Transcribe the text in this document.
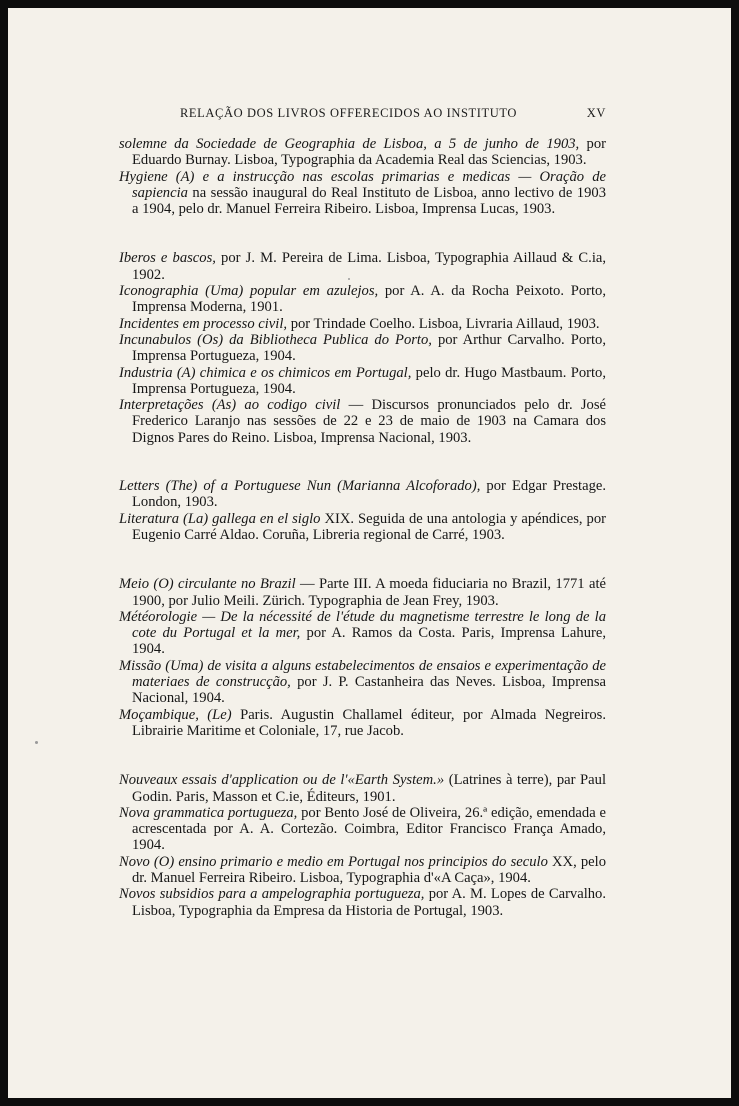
RELAÇÃO DOS LIVROS OFFERECIDOS AO INSTITUTO	XV

solemne da Sociedade de Geographia de Lisboa, a 5 de junho de 1903, por Eduardo Burnay. Lisboa, Typographia da Academia Real das Sciencias, 1903.

Hygiene (A) e a instrucção nas escolas primarias e medicas — Oração de sapiencia na sessão inaugural do Real Instituto de Lisboa, anno lectivo de 1903 a 1904, pelo dr. Manuel Ferreira Ribeiro. Lisboa, Imprensa Lucas, 1903.

Iberos e bascos, por J. M. Pereira de Lima. Lisboa, Typographia Aillaud & C.ia, 1902.

Iconographia (Uma) popular em azulejos, por A. A. da Rocha Peixoto. Porto, Imprensa Moderna, 1901.

Incidentes em processo civil, por Trindade Coelho. Lisboa, Livraria Aillaud, 1903.

Incunabulos (Os) da Bibliotheca Publica do Porto, por Arthur Carvalho. Porto, Imprensa Portugueza, 1904.

Industria (A) chimica e os chimicos em Portugal, pelo dr. Hugo Mastbaum. Porto, Imprensa Portugueza, 1904.

Interpretações (As) ao codigo civil — Discursos pronunciados pelo dr. José Frederico Laranjo nas sessões de 22 e 23 de maio de 1903 na Camara dos Dignos Pares do Reino. Lisboa, Imprensa Nacional, 1903.

Letters (The) of a Portuguese Nun (Marianna Alcoforado), por Edgar Prestage. London, 1903.

Literatura (La) gallega en el siglo XIX. Seguida de una antologia y apéndices, por Eugenio Carré Aldao. Coruña, Libreria regional de Carré, 1903.

Meio (O) circulante no Brazil — Parte III. A moeda fiduciaria no Brazil, 1771 até 1900, por Julio Meili. Zürich. Typographia de Jean Frey, 1903.

Météorologie — De la nécessité de l'étude du magnetisme terrestre le long de la cote du Portugal et la mer, por A. Ramos da Costa. Paris, Imprensa Lahure, 1904.

Missão (Uma) de visita a alguns estabelecimentos de ensaios e experimentação de materiaes de construcção, por J. P. Castanheira das Neves. Lisboa, Imprensa Nacional, 1904.

Moçambique, (Le) Paris. Augustin Challamel éditeur, por Almada Negreiros. Librairie Maritime et Coloniale, 17, rue Jacob.

Nouveaux essais d'application ou de l'«Earth System.» (Latrines à terre), par Paul Godin. Paris, Masson et C.ie, Éditeurs, 1901.

Nova grammatica portugueza, por Bento José de Oliveira, 26.ª edição, emendada e acrescentada por A. A. Cortezão. Coimbra, Editor Francisco França Amado, 1904.

Novo (O) ensino primario e medio em Portugal nos principios do seculo XX, pelo dr. Manuel Ferreira Ribeiro. Lisboa, Typographia d'«A Caça», 1904.

Novos subsidios para a ampelographia portugueza, por A. M. Lopes de Carvalho. Lisboa, Typographia da Empresa da Historia de Portugal, 1903.
